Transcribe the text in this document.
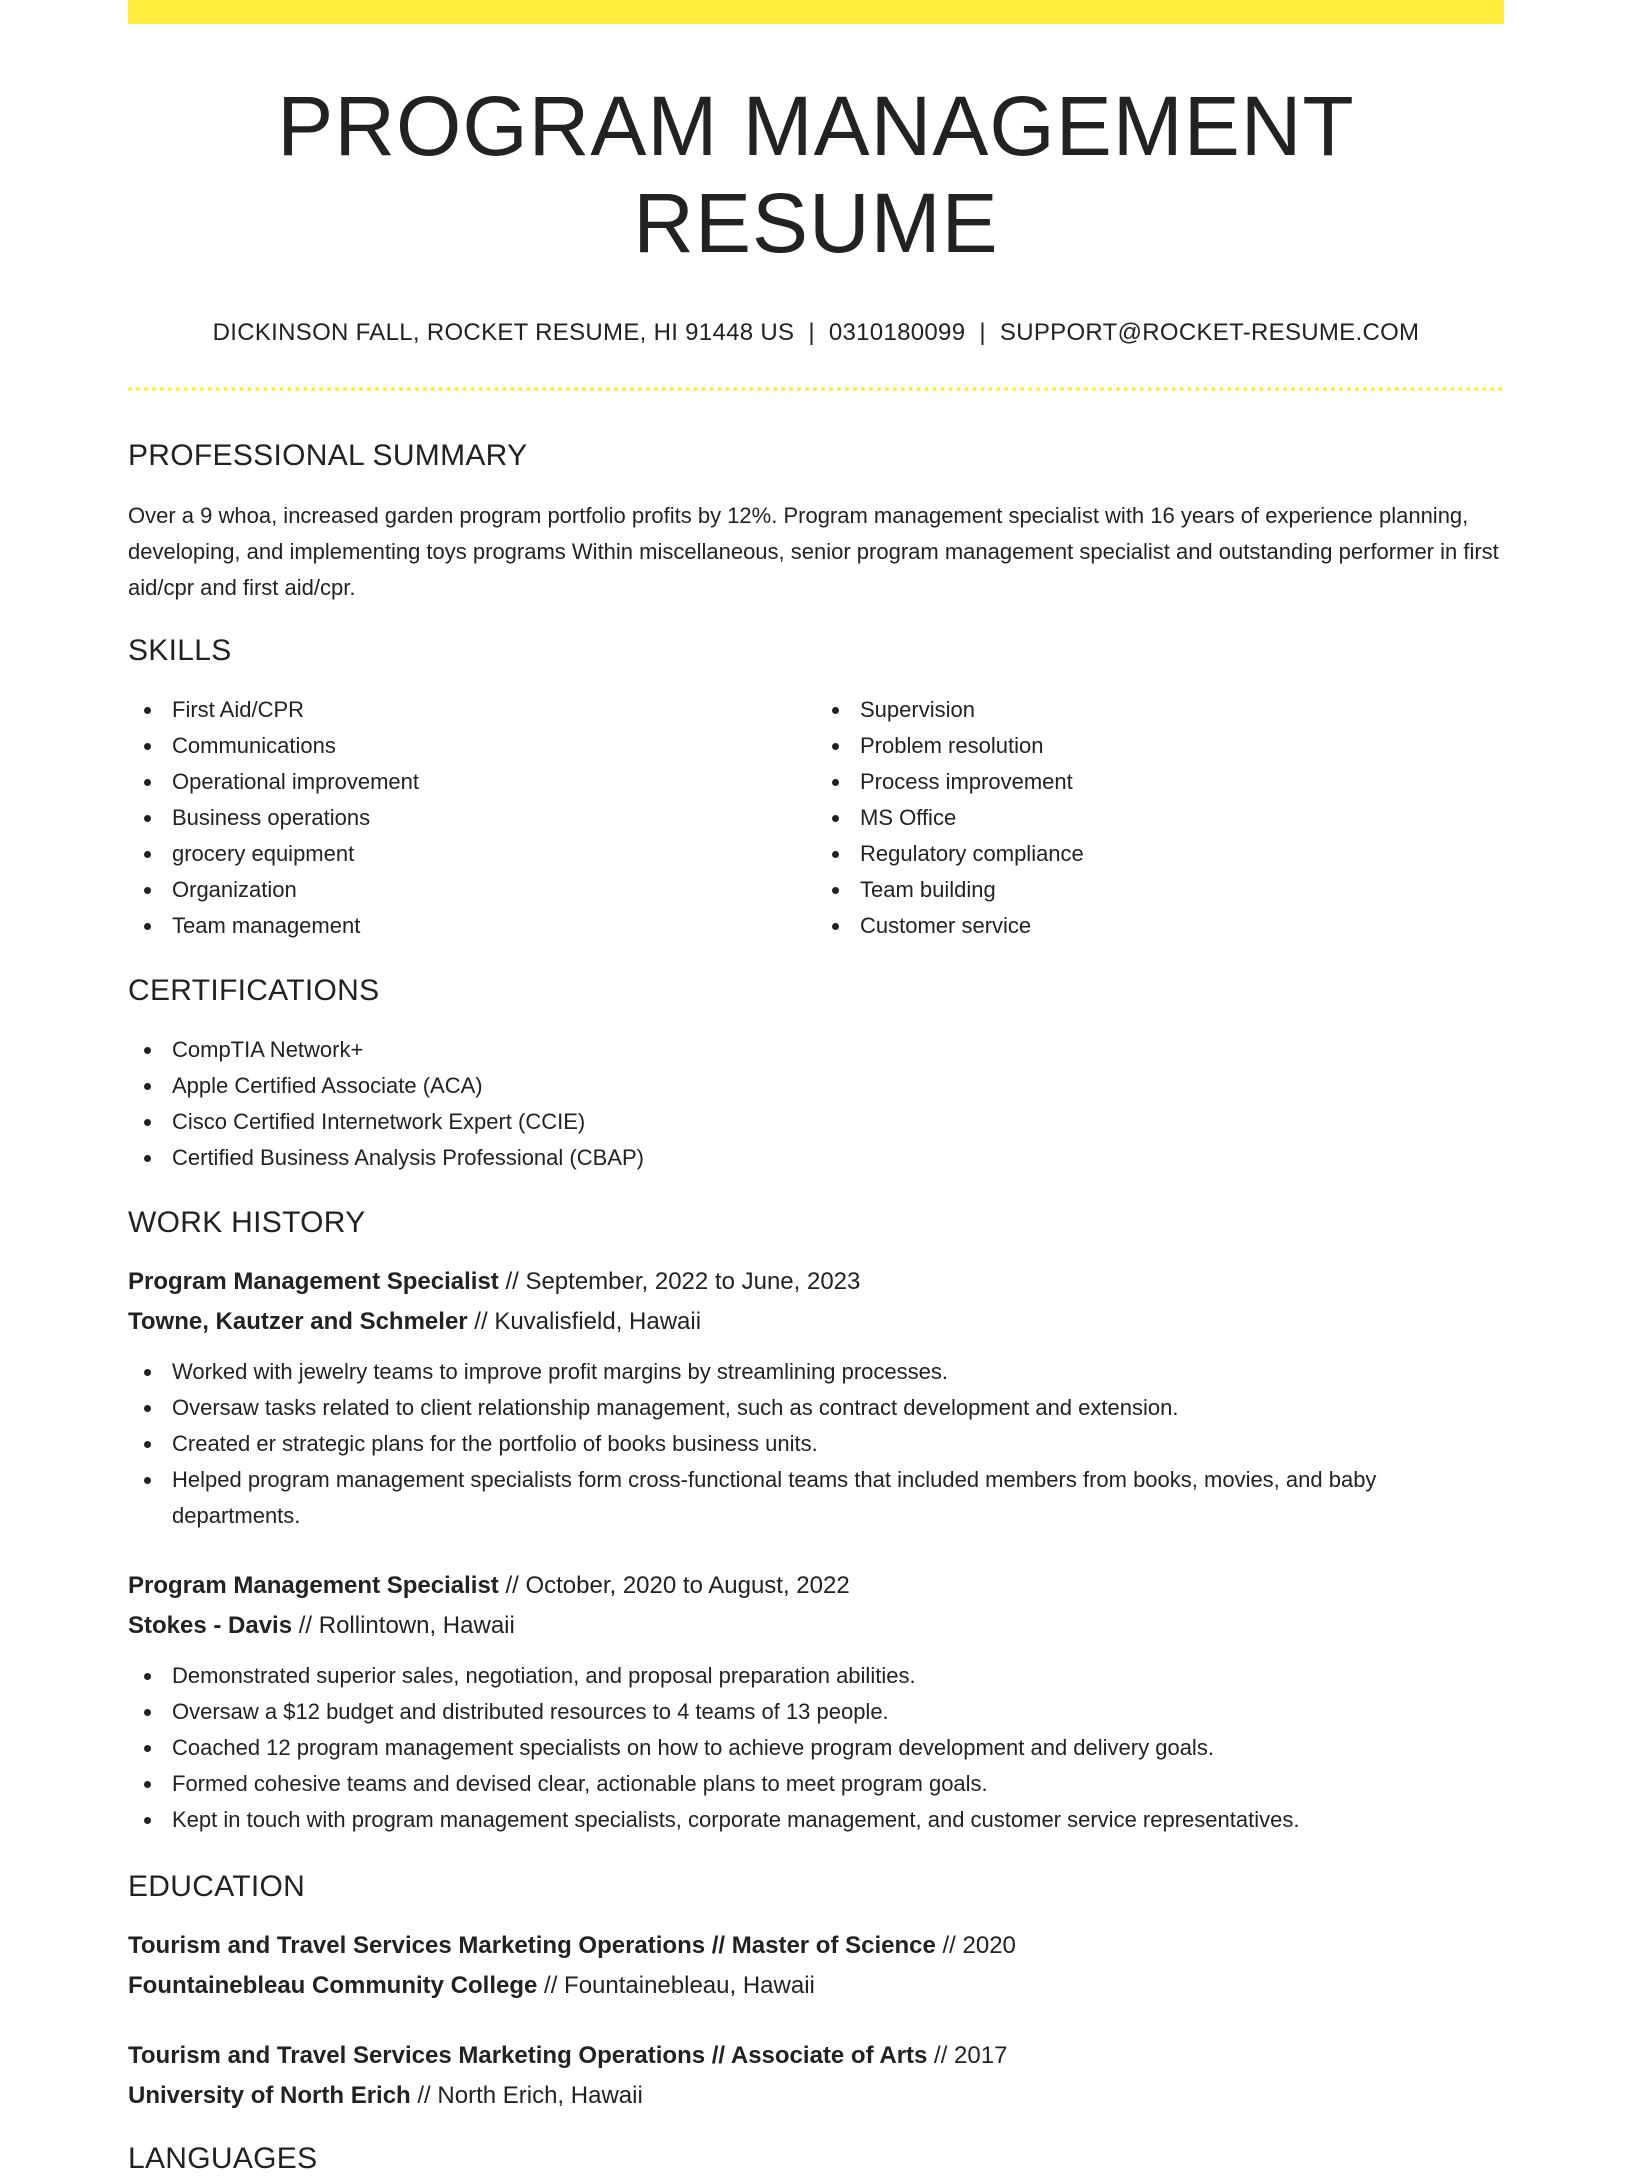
PROGRAM MANAGEMENT RESUME
DICKINSON FALL, ROCKET RESUME, HI 91448 US | 0310180099 | SUPPORT@ROCKET-RESUME.COM
PROFESSIONAL SUMMARY
Over a 9 whoa, increased garden program portfolio profits by 12%. Program management specialist with 16 years of experience planning, developing, and implementing toys programs Within miscellaneous, senior program management specialist and outstanding performer in first aid/cpr and first aid/cpr.
SKILLS
First Aid/CPR
Communications
Operational improvement
Business operations
grocery equipment
Organization
Team management
Supervision
Problem resolution
Process improvement
MS Office
Regulatory compliance
Team building
Customer service
CERTIFICATIONS
CompTIA Network+
Apple Certified Associate (ACA)
Cisco Certified Internetwork Expert (CCIE)
Certified Business Analysis Professional (CBAP)
WORK HISTORY
Program Management Specialist // September, 2022 to June, 2023
Towne, Kautzer and Schmeler // Kuvalisfield, Hawaii
Worked with jewelry teams to improve profit margins by streamlining processes.
Oversaw tasks related to client relationship management, such as contract development and extension.
Created er strategic plans for the portfolio of books business units.
Helped program management specialists form cross-functional teams that included members from books, movies, and baby departments.
Program Management Specialist // October, 2020 to August, 2022
Stokes - Davis // Rollintown, Hawaii
Demonstrated superior sales, negotiation, and proposal preparation abilities.
Oversaw a $12 budget and distributed resources to 4 teams of 13 people.
Coached 12 program management specialists on how to achieve program development and delivery goals.
Formed cohesive teams and devised clear, actionable plans to meet program goals.
Kept in touch with program management specialists, corporate management, and customer service representatives.
EDUCATION
Tourism and Travel Services Marketing Operations // Master of Science // 2020
Fountainebleau Community College // Fountainebleau, Hawaii
Tourism and Travel Services Marketing Operations // Associate of Arts // 2017
University of North Erich // North Erich, Hawaii
LANGUAGES
